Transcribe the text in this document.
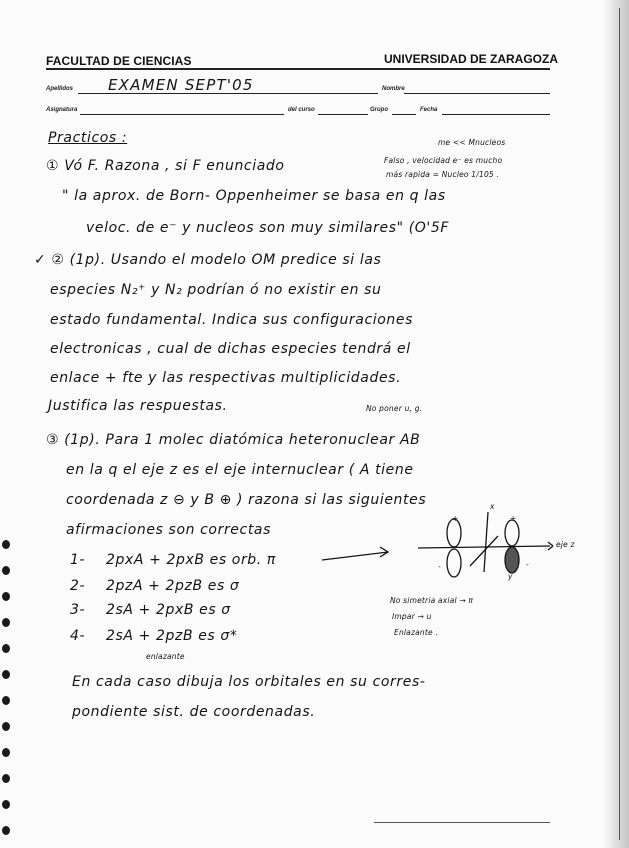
FACULTAD DE CIENCIAS	UNIVERSIDAD DE ZARAGOZA
Apellidos EXAMEN SEPT'05	Nombre
Asignatura	del curso	Grupo	Fecha
Practicos :	me << Mnucleos
① Vó F. Razona , si F enunciado	Falso , velocidad e⁻ es mucho
más rapida = Nucleo 1/105 .
" la aprox. de Born- Oppenheimer se basa en q las
veloc. de e⁻ y nucleos son muy similares" (O'5F
✓ ② (1p). Usando el modelo OM predice si las
especies N₂⁺ y N₂ podrían ó no existir en su
estado fundamental. Indica sus configuraciones
electronicas , cual de dichas especies tendrá el
enlace + fte y las respectivas multiplicidades.
Justifica las respuestas.	No poner u, g.
③ (1p). Para 1 molec diatómica heteronuclear AB
en la q el eje z es el eje internuclear ( A tiene
coordenada z ⊖ y B ⊕ ) razona si las siguientes
afirmaciones son correctas
1- 2pxA + 2pxB es orb. π
2- 2pzA + 2pzB es σ
3- 2sA + 2pxB es σ
4- 2sA + 2pzB es σ*
enlazante
x
y
eje z
+	+
-	-
No simetria axial → π
Impar → u
Enlazante .
En cada caso dibuja los orbitales en su corres-
pondiente sist. de coordenadas.
